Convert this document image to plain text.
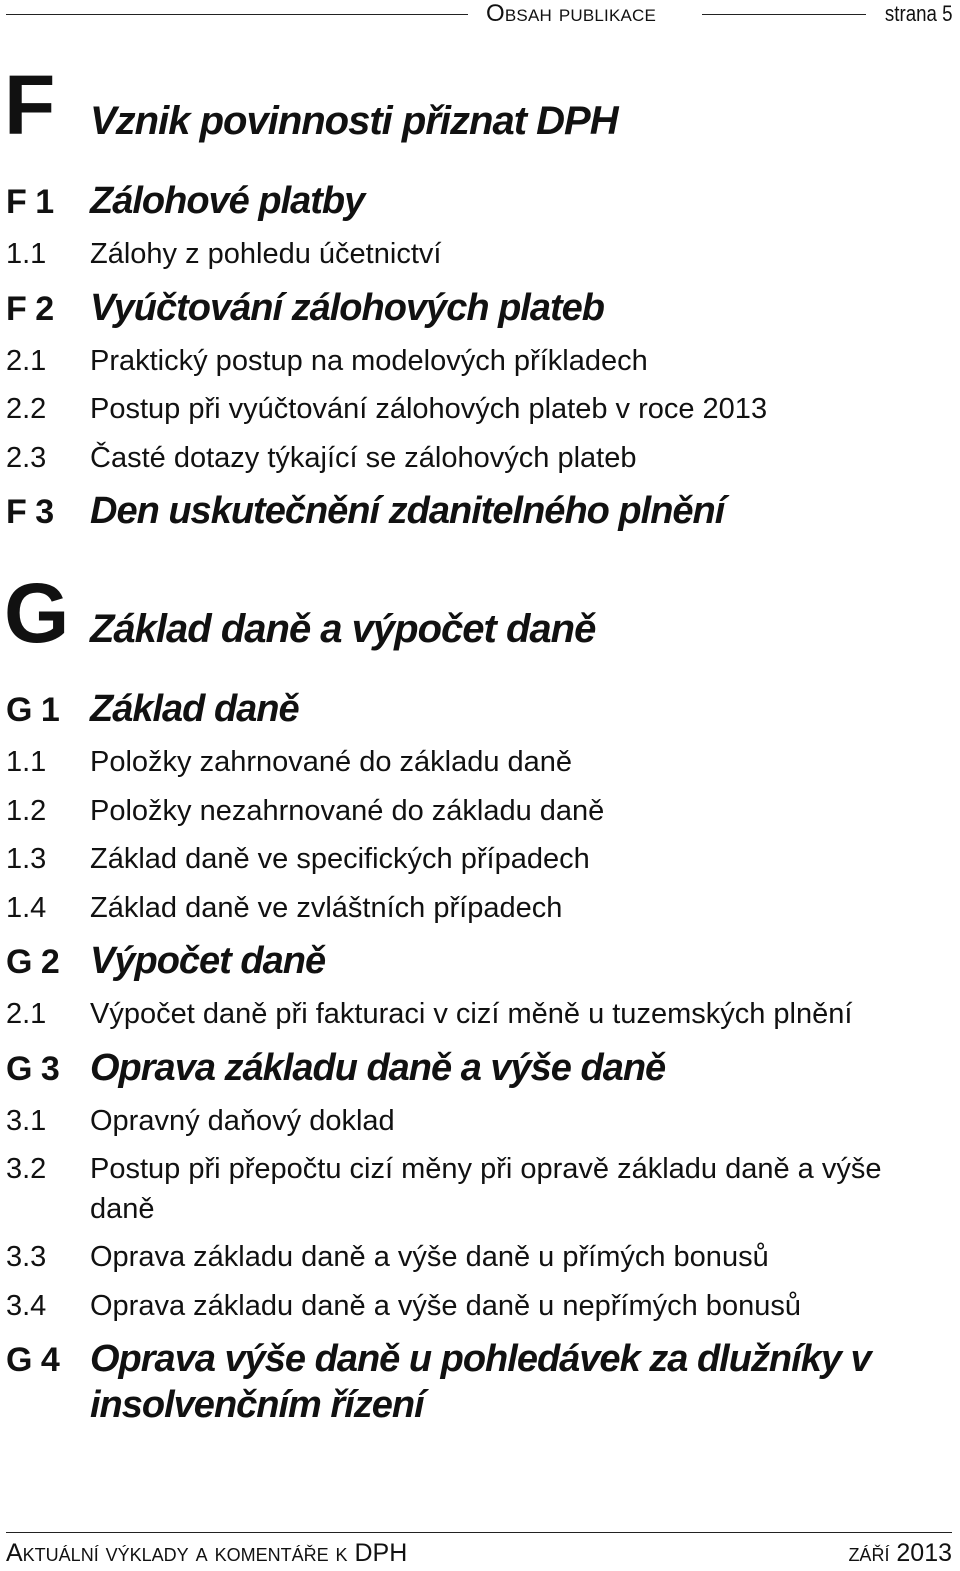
Obsah publikace	strana 5
F Vznik povinnosti přiznat DPH
F 1 Zálohové platby
1.1	Zálohy z pohledu účetnictví
F 2 Vyúčtování zálohových plateb
2.1	Praktický postup na modelových příkladech
2.2	Postup při vyúčtování zálohových plateb v roce 2013
2.3	Časté dotazy týkající se zálohových plateb
F 3 Den uskutečnění zdanitelného plnění
G Základ daně a výpočet daně
G 1 Základ daně
1.1	Položky zahrnované do základu daně
1.2	Položky nezahrnované do základu daně
1.3	Základ daně ve specifických případech
1.4	Základ daně ve zvláštních případech
G 2 Výpočet daně
2.1	Výpočet daně při fakturaci v cizí měně u tuzemských plnění
G 3 Oprava základu daně a výše daně
3.1	Opravný daňový doklad
3.2	Postup při přepočtu cizí měny při opravě základu daně a výše daně
3.3	Oprava základu daně a výše daně u přímých bonusů
3.4	Oprava základu daně a výše daně u nepřímých bonusů
G 4 Oprava výše daně u pohledávek za dlužníky v insolvenčním řízení
Aktuální výklady a komentáře k DPH	září 2013
